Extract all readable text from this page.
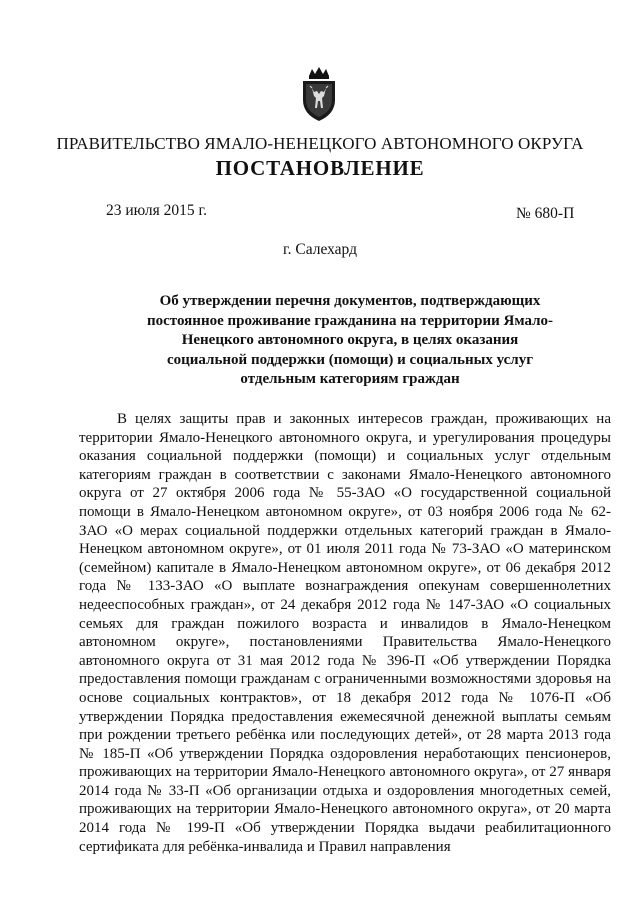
ПРАВИТЕЛЬСТВО ЯМАЛО-НЕНЕЦКОГО АВТОНОМНОГО ОКРУГА
ПОСТАНОВЛЕНИЕ
23 июля 2015 г.	№ 680-П
г. Салехард
Об утверждении перечня документов, подтверждающих постоянное проживание гражданина на территории Ямало-Ненецкого автономного округа, в целях оказания социальной поддержки (помощи) и социальных услуг отдельным категориям граждан
В целях защиты прав и законных интересов граждан, проживающих на территории Ямало-Ненецкого автономного округа, и урегулирования процедуры оказания социальной поддержки (помощи) и социальных услуг отдельным категориям граждан в соответствии с законами Ямало-Ненецкого автономного округа от 27 октября 2006 года № 55-ЗАО «О государственной социальной помощи в Ямало-Ненецком автономном округе», от 03 ноября 2006 года № 62-ЗАО «О мерах социальной поддержки отдельных категорий граждан в Ямало-Ненецком автономном округе», от 01 июля 2011 года № 73-ЗАО «О материнском (семейном) капитале в Ямало-Ненецком автономном округе», от 06 декабря 2012 года № 133-ЗАО «О выплате вознаграждения опекунам совершеннолетних недееспособных граждан», от 24 декабря 2012 года № 147-ЗАО «О социальных семьях для граждан пожилого возраста и инвалидов в Ямало-Ненецком автономном округе», постановлениями Правительства Ямало-Ненецкого автономного округа от 31 мая 2012 года № 396-П «Об утверждении Порядка предоставления помощи гражданам с ограниченными возможностями здоровья на основе социальных контрактов», от 18 декабря 2012 года № 1076-П «Об утверждении Порядка предоставления ежемесячной денежной выплаты семьям при рождении третьего ребёнка или последующих детей», от 28 марта 2013 года № 185-П «Об утверждении Порядка оздоровления неработающих пенсионеров, проживающих на территории Ямало-Ненецкого автономного округа», от 27 января 2014 года № 33-П «Об организации отдыха и оздоровления многодетных семей, проживающих на территории Ямало-Ненецкого автономного округа», от 20 марта 2014 года № 199-П «Об утверждении Порядка выдачи реабилитационного сертификата для ребёнка-инвалида и Правил направления
